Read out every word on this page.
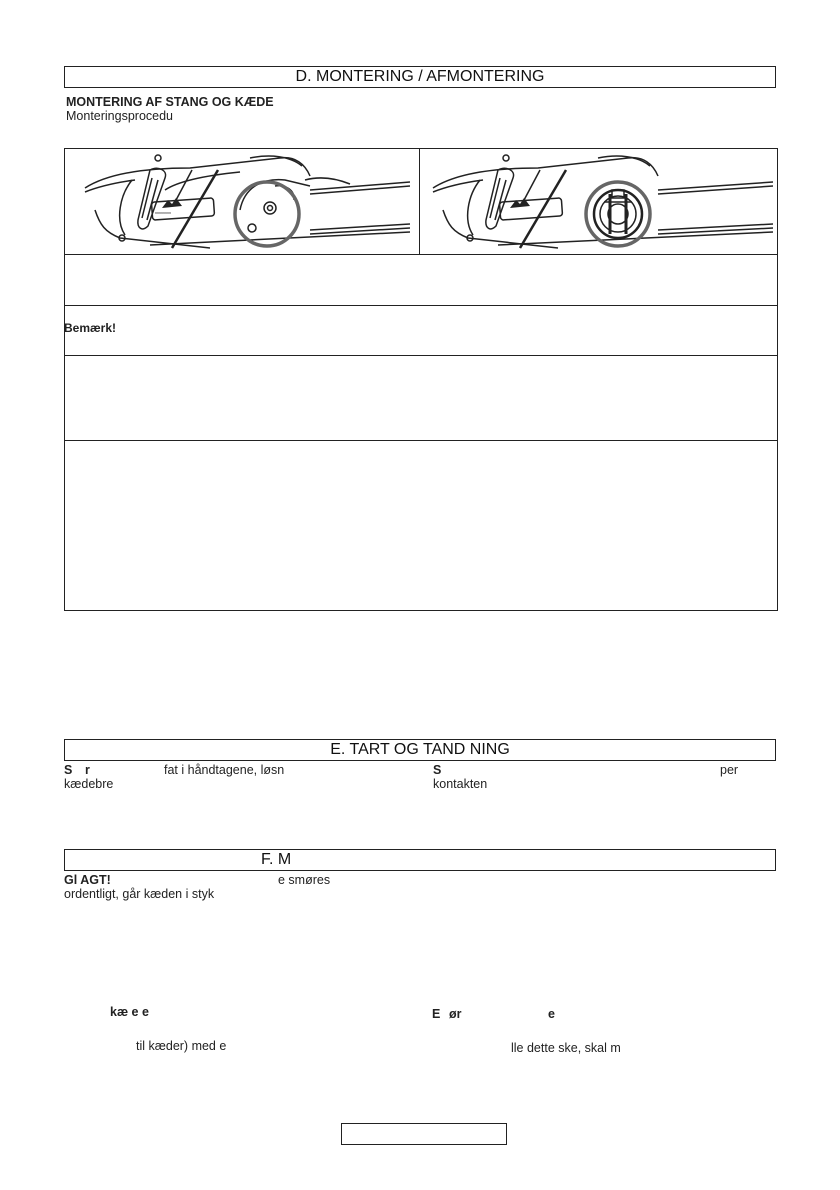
D. MONTERING / AFMONTERING
MONTERING AF STANG OG KÆDE
Monteringsprocedu
xxxxxxxx
Bemærk!
E. TART OG TAND NING
S r	fat i håndtagene, løsn
kædebre
S	per
kontakten
F. M
Gl AGT!	e smøres
ordentligt, går kæden i styk
kæ e e
til kæder) med e
E ør	e
lle dette ske, skal m
